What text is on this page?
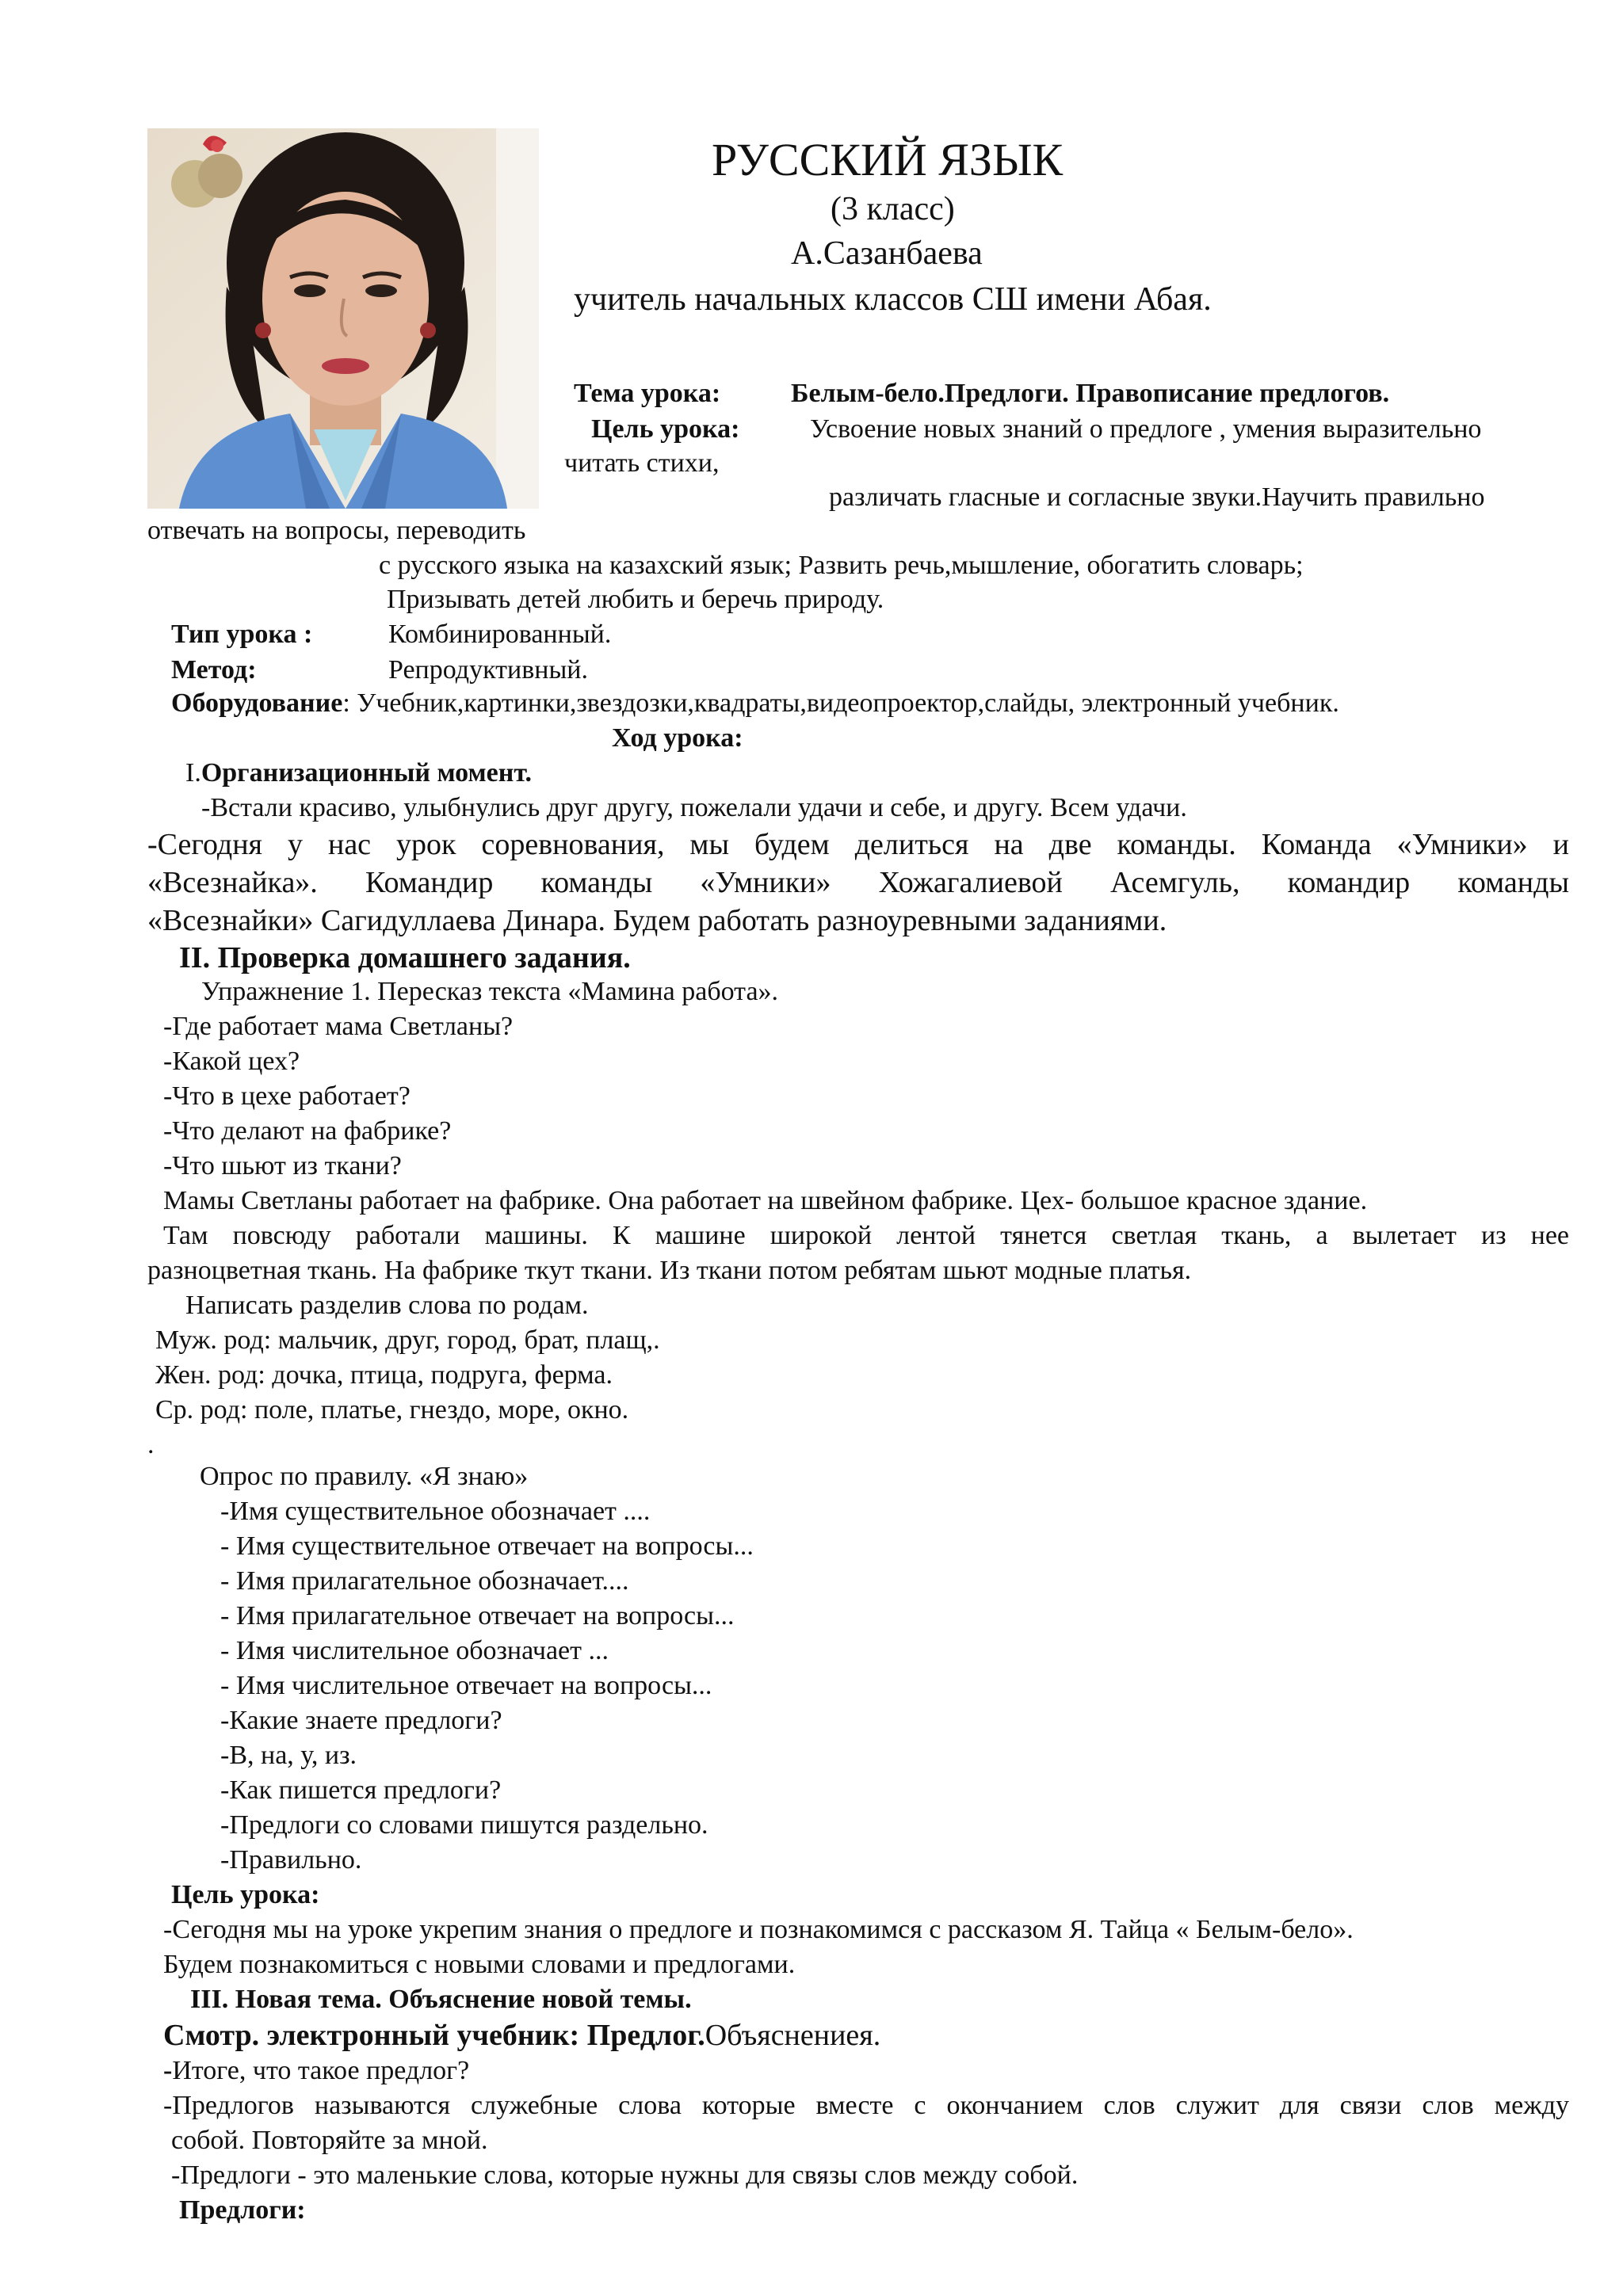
РУССКИЙ ЯЗЫК
(3 класс)
А.Сазанбаева
учитель начальных классов СШ имени Абая.
Тема урока:	Белым-бело.Предлоги. Правописание предлогов.
Цель урока:	Усвоение новых знаний о предлоге , умения выразительно
читать стихи,
различать гласные и согласные звуки.Научить правильно
отвечать на вопросы, переводить
с русского языка на казахский язык; Развить речь,мышление, обогатить словарь;
Призывать детей любить и беречь природу.
Тип урока :	Комбинированный.
Метод:	Репродуктивный.
Оборудование: Учебник,картинки,звездозки,квадраты,видеопроектор,слайды, электронный учебник.
Ход урока:
I.Организационный момент.
-Встали красиво, улыбнулись друг другу, пожелали удачи и себе, и другу. Всем удачи.
-Сегодня у нас урок соревнования, мы будем делиться на две команды. Команда «Умники» и
«Всезнайка». Командир команды «Умники» Хожагалиевой Асемгуль, командир команды
«Всезнайки» Сагидуллаева Динара. Будем работать разноуревными заданиями.
II. Проверка домашнего задания.
Упражнение 1. Пересказ текста «Мамина работа».
-Где работает мама Светланы?
-Какой цех?
-Что в цехе работает?
-Что делают на фабрике?
-Что шьют из ткани?
Мамы Светланы работает на фабрике. Она работает на швейном фабрике. Цех- большое красное здание.
Там повсюду работали машины. К машине широкой лентой тянется светлая ткань, а вылетает из нее
разноцветная ткань. На фабрике ткут ткани. Из ткани потом ребятам шьют модные платья.
Написать разделив слова по родам.
Муж. род: мальчик, друг, город, брат, плащ,.
Жен. род: дочка, птица, подруга, ферма.
Ср. род: поле, платье, гнездо, море, окно.
.
Опрос по правилу. «Я знаю»
-Имя существительное обозначает ....
- Имя существительное отвечает на вопросы...
- Имя прилагательное обозначает....
- Имя прилагательное отвечает на вопросы...
- Имя числительное обозначает ...
- Имя числительное отвечает на вопросы...
-Какие знаете предлоги?
-В, на, у, из.
-Как пишется предлоги?
-Предлоги со словами пишутся раздельно.
-Правильно.
Цель урока:
-Сегодня мы на уроке укрепим знания о предлоге и познакомимся с рассказом Я. Тайца « Белым-бело».
Будем познакомиться с новыми словами и предлогами.
III. Новая тема. Объяснение новой темы.
Смотр. электронный учебник: Предлог.Объяснениея.
-Итоге, что такое предлог?
-Предлогов называются служебные слова которые вместе с окончанием слов служит для связи слов между
собой. Повторяйте за мной.
-Предлоги - это маленькие слова, которые нужны для связы слов между собой.
Предлоги:
